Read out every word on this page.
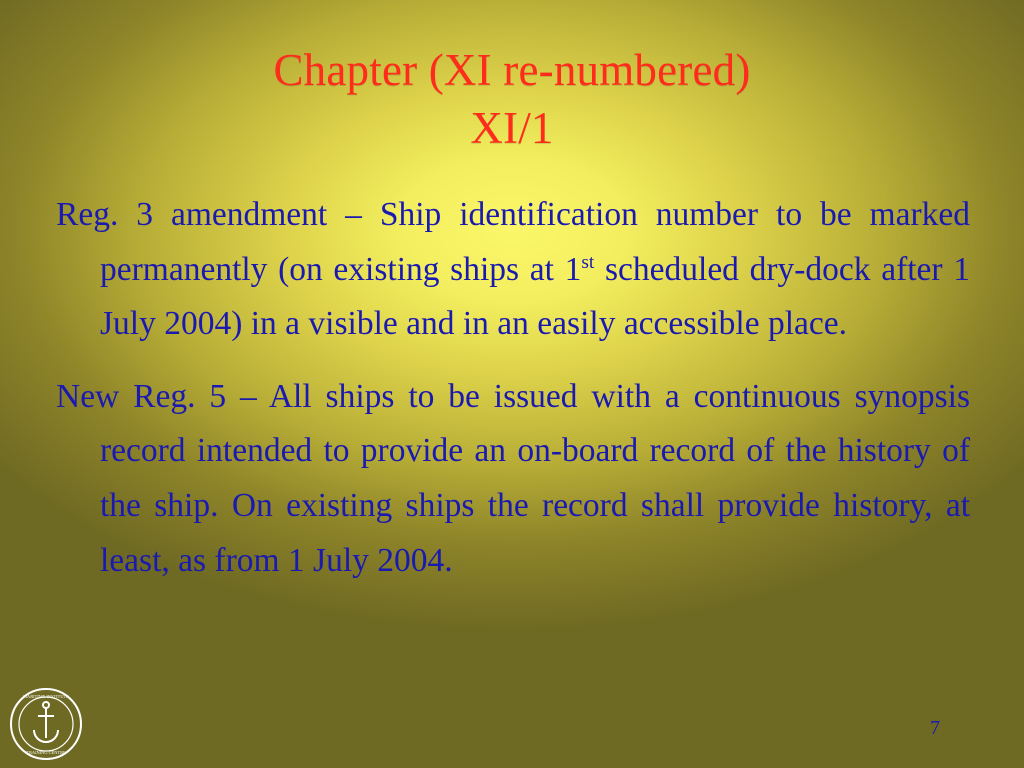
Chapter (XI re-numbered)
XI/1

Reg. 3 amendment – Ship identification number to be marked permanently (on existing ships at 1st scheduled dry-dock after 1 July 2004) in a visible and in an easily accessible place.

New Reg. 5 – All ships to be issued with a continuous synopsis record intended to provide an on-board record of the history of the ship. On existing ships the record shall provide history, at least, as from 1 July 2004.

7
MARITIME INSTITUTE
TRAINING CENTRE
